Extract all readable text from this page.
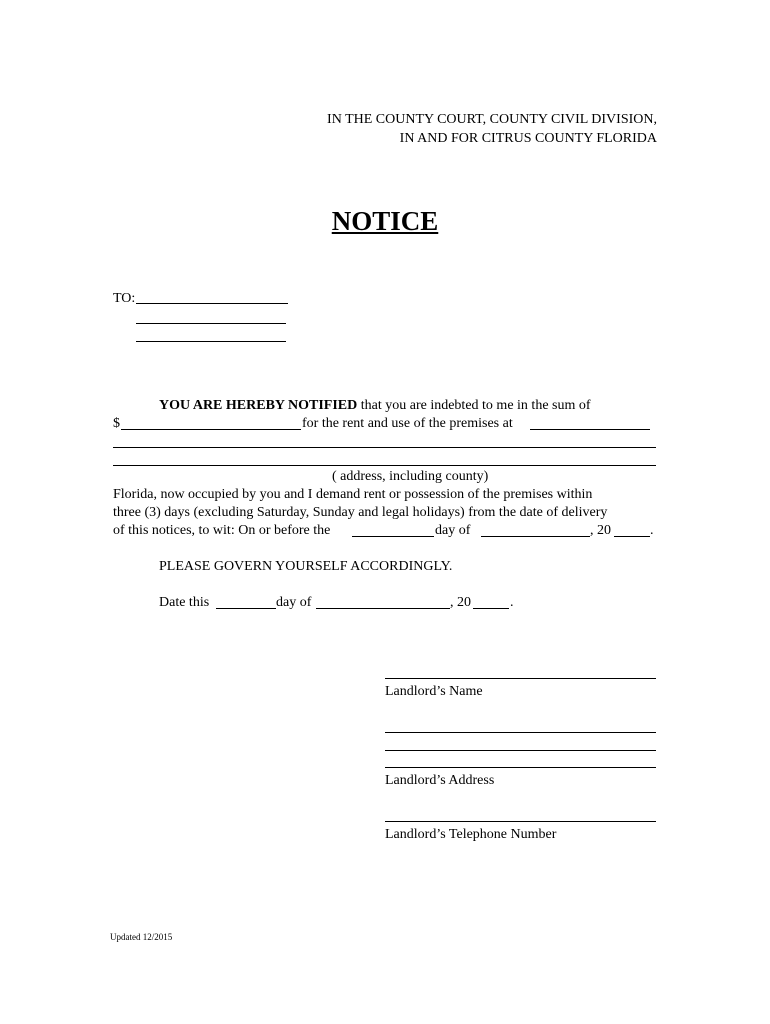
IN THE COUNTY COURT, COUNTY CIVIL DIVISION,
IN AND FOR CITRUS COUNTY FLORIDA
NOTICE
TO:
YOU ARE HEREBY NOTIFIED that you are indebted to me in the sum of
$	for the rent and use of the premises at
( address, including county)
Florida, now occupied by you and I demand rent or possession of the premises within
three (3) days (excluding Saturday, Sunday and legal holidays) from the date of delivery
of this notices, to wit: On or before the	day of	, 20	.
PLEASE GOVERN YOURSELF ACCORDINGLY.
Date this	day of	, 20	.
Landlord’s Name
Landlord’s Address
Landlord’s Telephone Number
Updated 12/2015
